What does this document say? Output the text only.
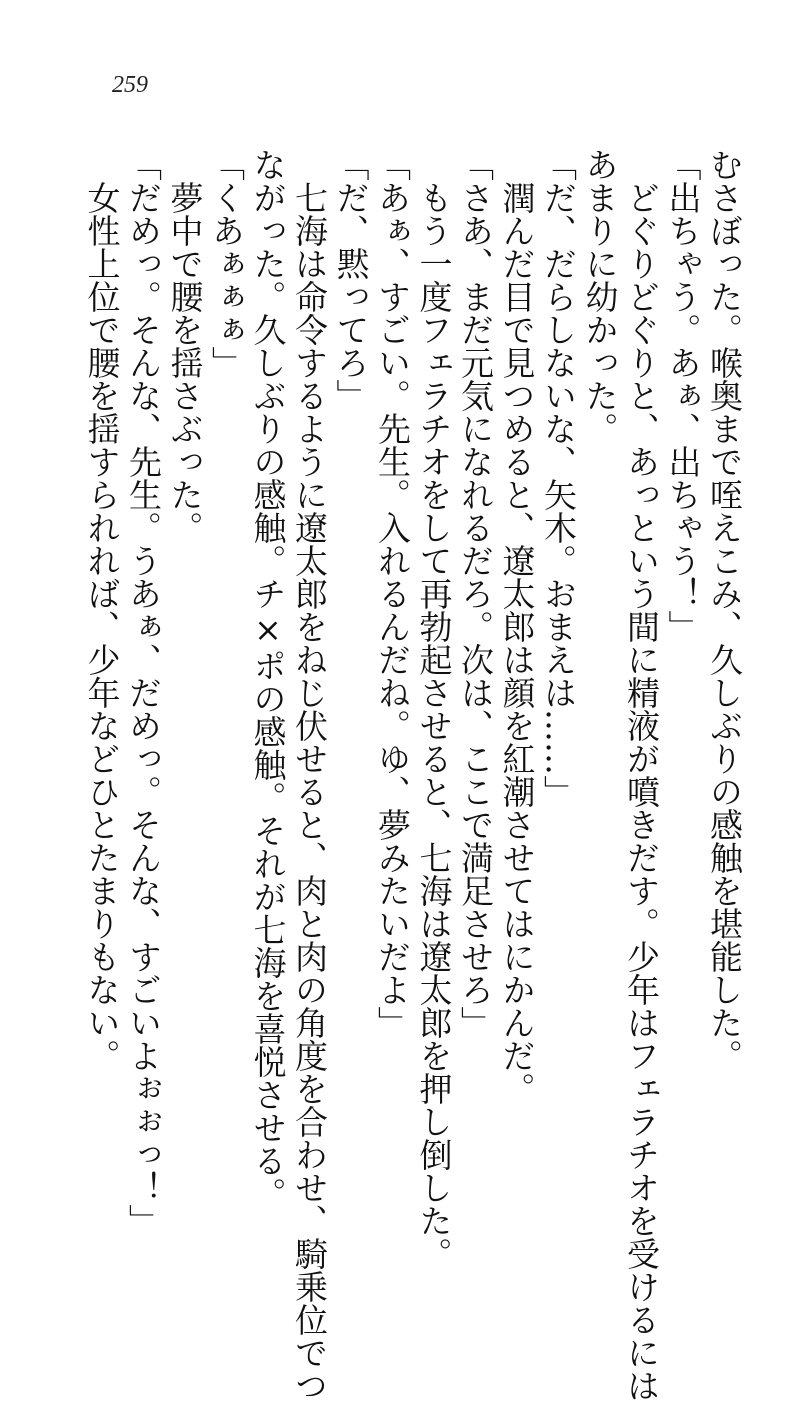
259
むさぼった。喉奥まで咥えこみ、久しぶりの感触を堪能した。
「出ちゃう。あぁ、出ちゃう！」
　どぐりどぐりと、あっという間に精液が噴きだす。少年はフェラチオを受けるには
あまりに幼かった。
「だ、だらしないな、矢木。おまえは……」
　潤んだ目で見つめると、遼太郎は顔を紅潮させてはにかんだ。
「さあ、まだ元気になれるだろ。次は、ここで満足させろ」
　もう一度フェラチオをして再勃起させると、七海は遼太郎を押し倒した。
「あぁ、すごい。先生。入れるんだね。ゆ、夢みたいだよ」
「だ、黙ってろ」
　七海は命令するように遼太郎をねじ伏せると、肉と肉の角度を合わせ、騎乗位でつ
ながった。久しぶりの感触。チ×ポの感触。それが七海を喜悦させる。
「くあぁぁぁ」
　夢中で腰を揺さぶった。
「だめっ。そんな、先生。うあぁ、だめっ。そんな、すごいよぉぉっ！」
　女性上位で腰を揺すられれば、少年などひとたまりもない。
